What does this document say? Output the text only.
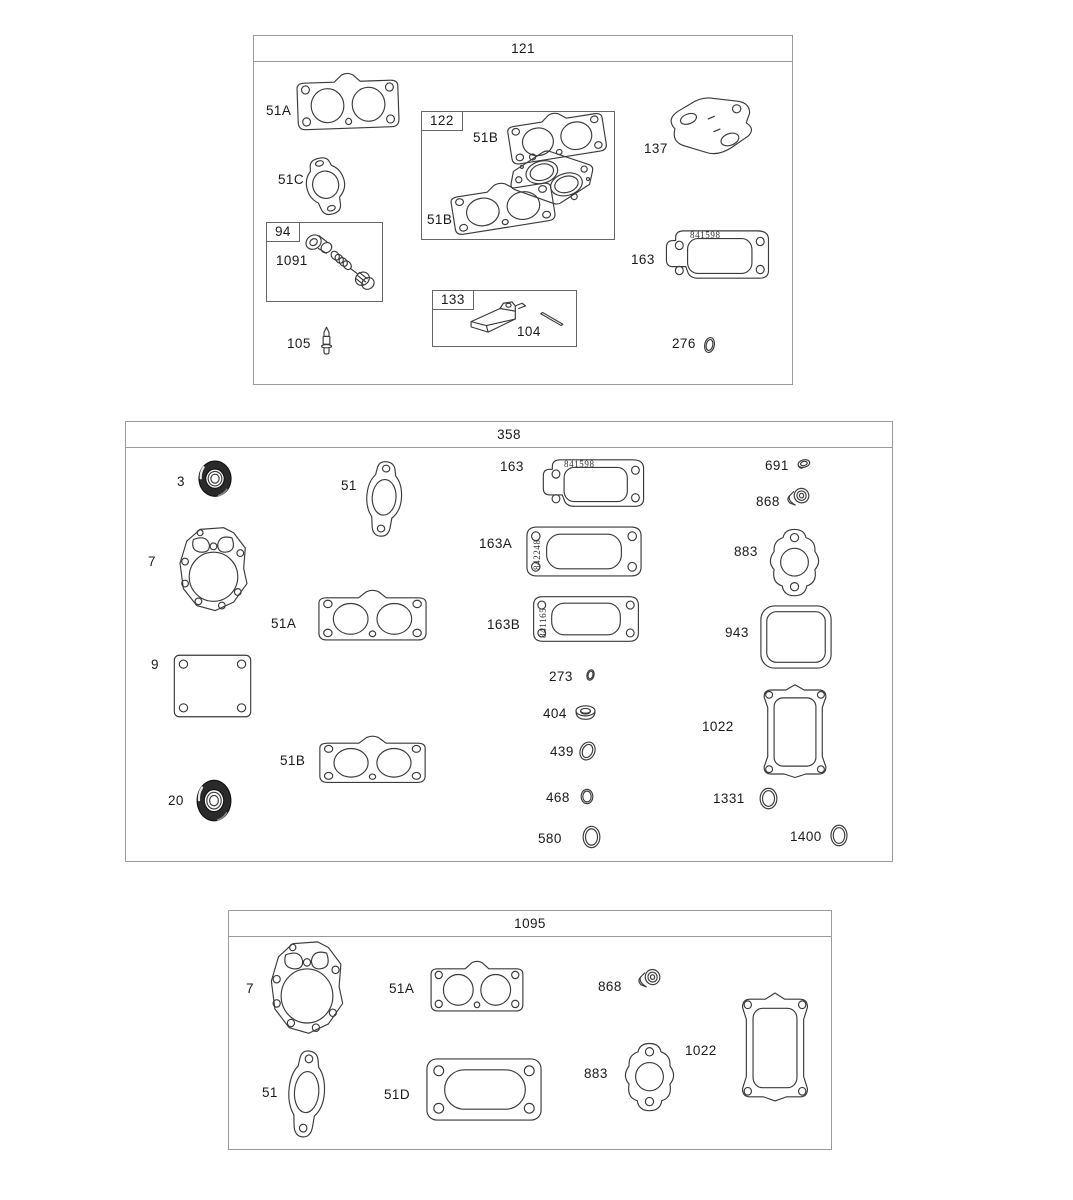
121
51A
51C
94
1091
105
122
51B
51B
133
104
137
163
841598
276
358
3
7
9
20
51
51A
51B
163	841598
163A 842248
163B 841165
273
404
439
468
580
691
868
883
943
1022
1331
1400
1095
7
51
51A
51D
868
883
1022
